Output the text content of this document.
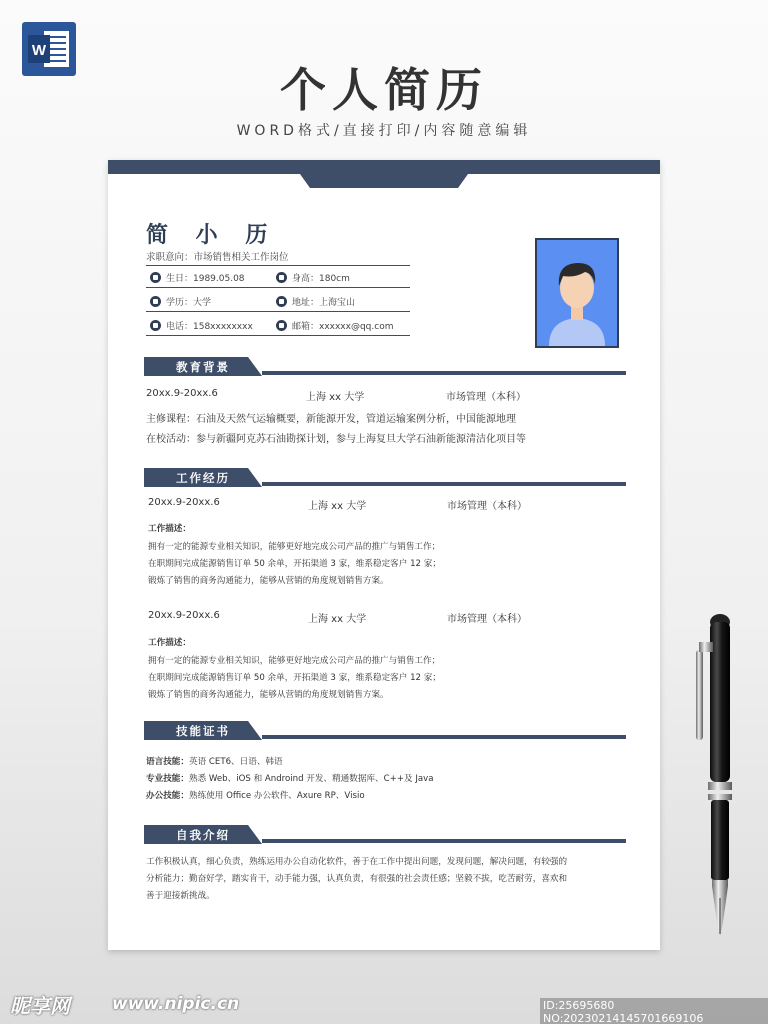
W
个人简历
WORD格式/直接打印/内容随意编辑
简 小 历
求职意向：市场销售相关工作岗位
生日：1989.05.08	身高：180cm
学历：大学	地址：上海宝山
电话：158xxxxxxxx	邮箱：xxxxxx@qq.com
教育背景
20xx.9-20xx.6	上海 xx 大学	市场管理（本科）
主修课程：石油及天然气运输概要，新能源开发，管道运输案例分析，中国能源地理
在校活动：参与新疆阿克苏石油勘探计划，参与上海复旦大学石油新能源清洁化项目等
工作经历
20xx.9-20xx.6	上海 xx 大学	市场管理（本科）
工作描述：
拥有一定的能源专业相关知识，能够更好地完成公司产品的推广与销售工作；
在职期间完成能源销售订单 50 余单，开拓渠道 3 家，维系稳定客户 12 家；
锻炼了销售的商务沟通能力，能够从营销的角度规划销售方案。
20xx.9-20xx.6	上海 xx 大学	市场管理（本科）
工作描述：
拥有一定的能源专业相关知识，能够更好地完成公司产品的推广与销售工作；
在职期间完成能源销售订单 50 余单，开拓渠道 3 家，维系稳定客户 12 家；
锻炼了销售的商务沟通能力，能够从营销的角度规划销售方案。
技能证书
语言技能：英语 CET6、日语、韩语
专业技能：熟悉 Web、iOS 和 Androind 开发、精通数据库、C++及 Java
办公技能：熟练使用 Office 办公软件、Axure RP、Visio
自我介绍
工作积极认真，细心负责，熟练运用办公自动化软件，善于在工作中提出问题，发现问题，解决问题，有较强的
分析能力；勤奋好学，踏实肯干，动手能力强，认真负责，有很强的社会责任感；坚毅不拔，吃苦耐劳，喜欢和
善于迎接新挑战。
昵享网 www.nipic.cn	ID:25695680 NO:20230214145701669106
